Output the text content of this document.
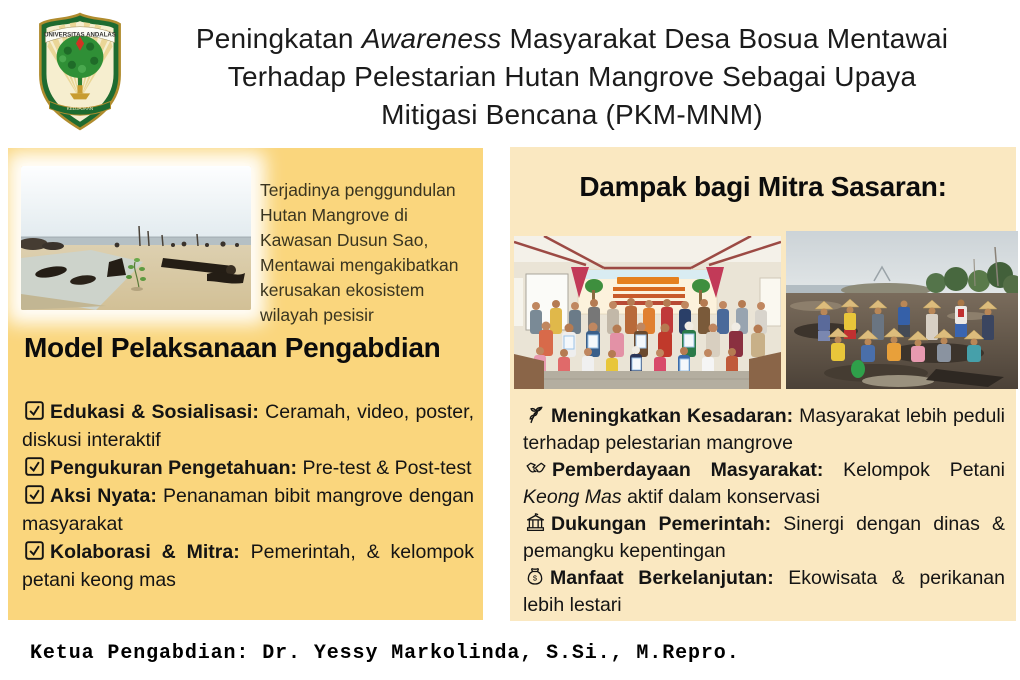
UNIVERSITAS ANDALAS
KEDJAJAAN
Peningkatan Awareness Masyarakat Desa Bosua Mentawai
Terhadap Pelestarian Hutan Mangrove Sebagai Upaya
Mitigasi Bencana (PKM-MNM)
Terjadinya penggundulan Hutan Mangrove di Kawasan Dusun Sao, Mentawai mengakibatkan kerusakan ekosistem wilayah pesisir
Model Pelaksanaan Pengabdian

Edukasi & Sosialisasi: Ceramah, video, poster, diskusi interaktif

Pengukuran Pengetahuan: Pre-test & Post-test

Aksi Nyata: Penanaman bibit mangrove dengan masyarakat

Kolaborasi & Mitra: Pemerintah, & kelompok petani keong mas

Dampak bagi Mitra Sasaran:

Meningkatkan Kesadaran: Masyarakat lebih peduli terhadap pelestarian mangrove

Pemberdayaan Masyarakat: Kelompok Petani Keong Mas aktif dalam konservasi

Dukungan Pemerintah: Sinergi dengan dinas & pemangku kepentingan

$ Manfaat Berkelanjutan: Ekowisata & perikanan lebih lestari

Ketua Pengabdian: Dr. Yessy Markolinda, S.Si., M.Repro.
